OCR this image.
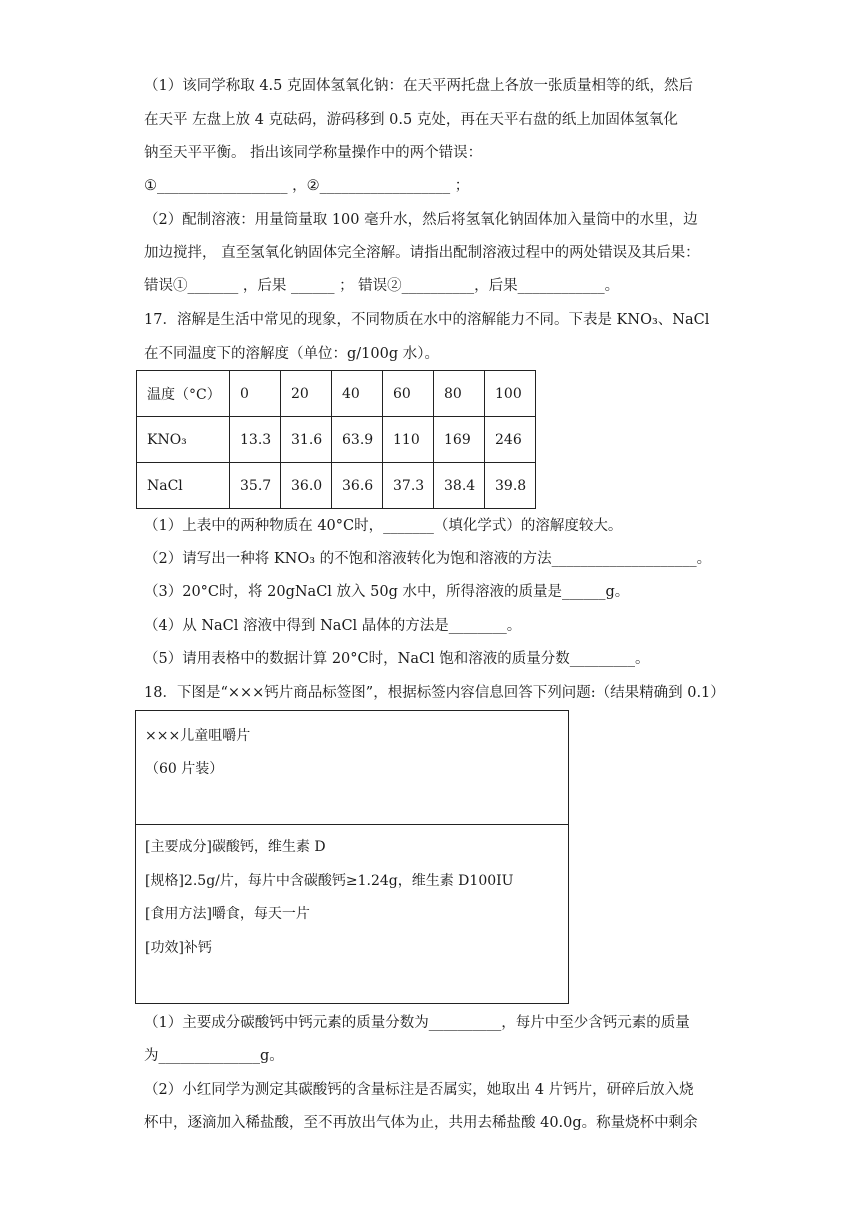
（1）该同学称取 4.5 克固体氢氧化钠：在天平两托盘上各放一张质量相等的纸，然后
在天平 左盘上放 4 克砝码，游码移到 0.5 克处，再在天平右盘的纸上加固体氢氧化
钠至天平平衡。 指出该同学称量操作中的两个错误：
①__________________ ，②__________________ ；
（2）配制溶液：用量筒量取 100 毫升水，然后将氢氧化钠固体加入量筒中的水里，边
加边搅拌， 直至氢氧化钠固体完全溶解。请指出配制溶液过程中的两处错误及其后果：
错误①_______ ，后果 ______ ； 错误②__________，后果____________。
17．溶解是生活中常见的现象，不同物质在水中的溶解能力不同。下表是 KNO₃、NaCl
在不同温度下的溶解度（单位：g/100g 水）。
温度（°C）	0	20	40	60	80	100
KNO₃	13.3	31.6	63.9	110	169	246
NaCl	35.7	36.0	36.6	37.3	38.4	39.8
（1）上表中的两种物质在 40°C时，_______（填化学式）的溶解度较大。
（2）请写出一种将 KNO₃ 的不饱和溶液转化为饱和溶液的方法____________________。
（3）20°C时，将 20gNaCl 放入 50g 水中，所得溶液的质量是______g。
（4）从 NaCl 溶液中得到 NaCl 晶体的方法是________。
（5）请用表格中的数据计算 20°C时，NaCl 饱和溶液的质量分数_________。
18．下图是“×××钙片商品标签图”，根据标签内容信息回答下列问题:（结果精确到 0.1）
×××儿童咀嚼片
（60 片装）
[主要成分]碳酸钙，维生素 D
[规格]2.5g/片，每片中含碳酸钙≥1.24g，维生素 D100IU
[食用方法]嚼食，每天一片
[功效]补钙
（1）主要成分碳酸钙中钙元素的质量分数为__________，每片中至少含钙元素的质量
为______________g。
（2）小红同学为测定其碳酸钙的含量标注是否属实，她取出 4 片钙片，研碎后放入烧
杯中，逐滴加入稀盐酸，至不再放出气体为止，共用去稀盐酸 40.0g。称量烧杯中剩余
